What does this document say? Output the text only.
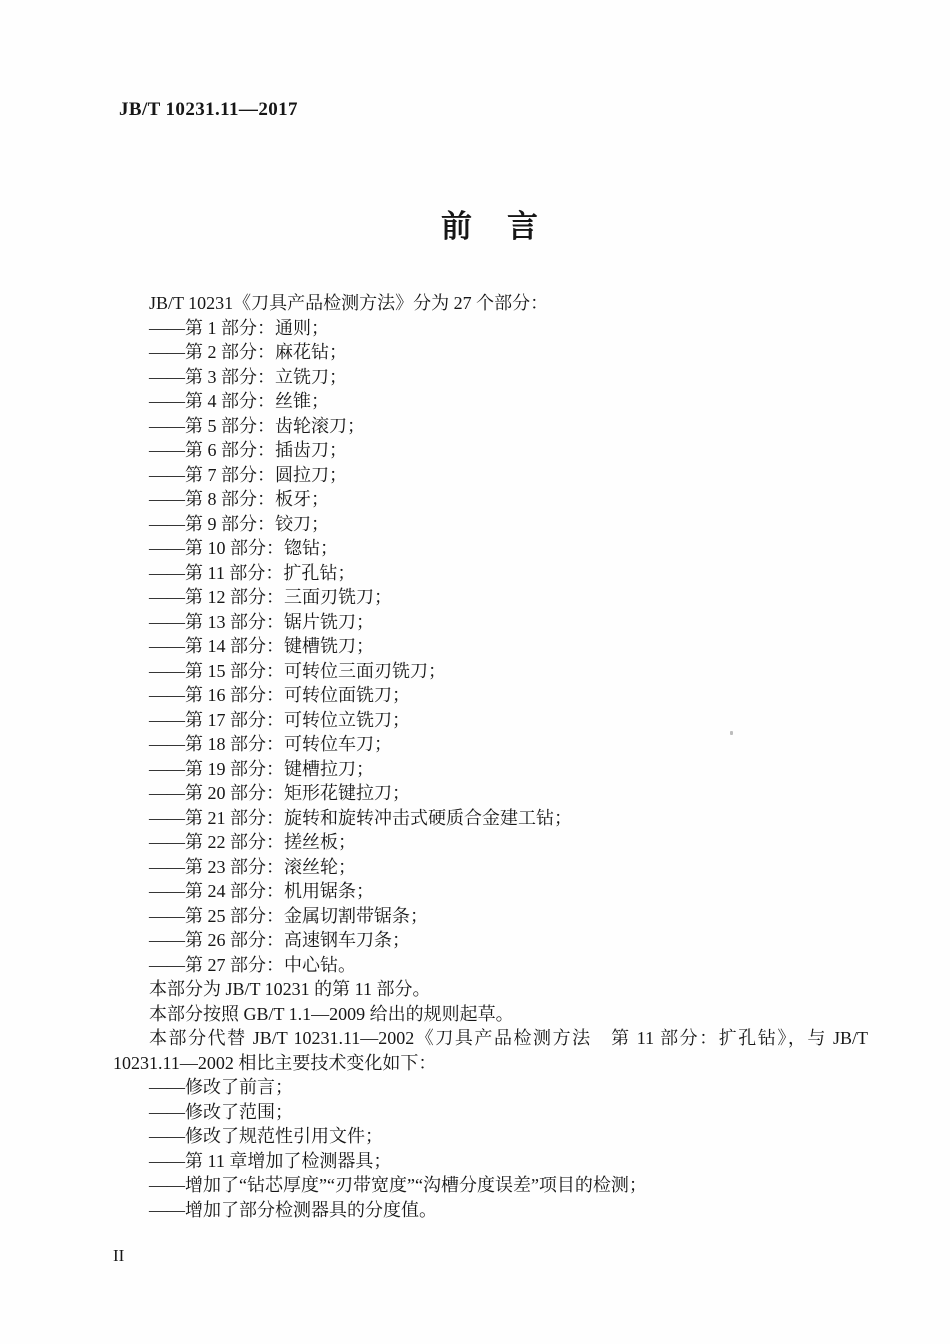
JB/T 10231.11—2017
前　言

JB/T 10231《刀具产品检测方法》分为 27 个部分：

——第 1 部分：通则；

——第 2 部分：麻花钻；

——第 3 部分：立铣刀；

——第 4 部分：丝锥；

——第 5 部分：齿轮滚刀；

——第 6 部分：插齿刀；

——第 7 部分：圆拉刀；

——第 8 部分：板牙；

——第 9 部分：铰刀；

——第 10 部分：锪钻；

——第 11 部分：扩孔钻；

——第 12 部分：三面刃铣刀；

——第 13 部分：锯片铣刀；

——第 14 部分：键槽铣刀；

——第 15 部分：可转位三面刃铣刀；

——第 16 部分：可转位面铣刀；

——第 17 部分：可转位立铣刀；

——第 18 部分：可转位车刀；

——第 19 部分：键槽拉刀；

——第 20 部分：矩形花键拉刀；

——第 21 部分：旋转和旋转冲击式硬质合金建工钻；

——第 22 部分：搓丝板；

——第 23 部分：滚丝轮；

——第 24 部分：机用锯条；

——第 25 部分：金属切割带锯条；

——第 26 部分：高速钢车刀条；

——第 27 部分：中心钻。

本部分为 JB/T 10231 的第 11 部分。

本部分按照 GB/T 1.1—2009 给出的规则起草。

本部分代替 JB/T 10231.11—2002《刀具产品检测方法　第 11 部分：扩孔钻》，与 JB/T 10231.11—2002 相比主要技术变化如下：

——修改了前言；

——修改了范围；

——修改了规范性引用文件；

——第 11 章增加了检测器具；

——增加了“钻芯厚度”“刃带宽度”“沟槽分度误差”项目的检测；

——增加了部分检测器具的分度值。

II
